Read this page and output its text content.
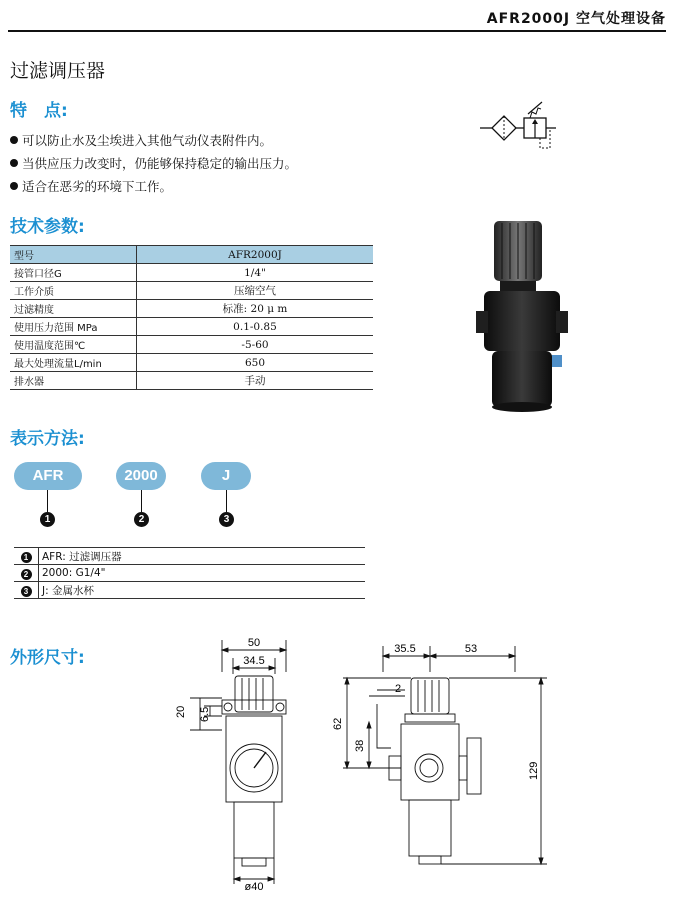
AFR2000J 空气处理设备
过滤调压器
特　点:
可以防止水及尘埃进入其他气动仪表附件内。
当供应压力改变时，仍能够保持稳定的输出压力。
适合在恶劣的环境下工作。
技术参数:
型号	AFR2000J
接管口径G	1/4"
工作介质	压缩空气
过滤精度	标准: 20 μ m
使用压力范围 MPa	0.1-0.85
使用温度范围℃	-5-60
最大处理流量L/min	650
排水器	手动
表示方法:
AFR
1
2000
2
J
3
1	AFR: 过滤调压器
2	2000: G1/4"
3	J: 金属水杯
外形尺寸:
50
34.5
20 6.5
ø40
35.5	53
2
62
38
129
